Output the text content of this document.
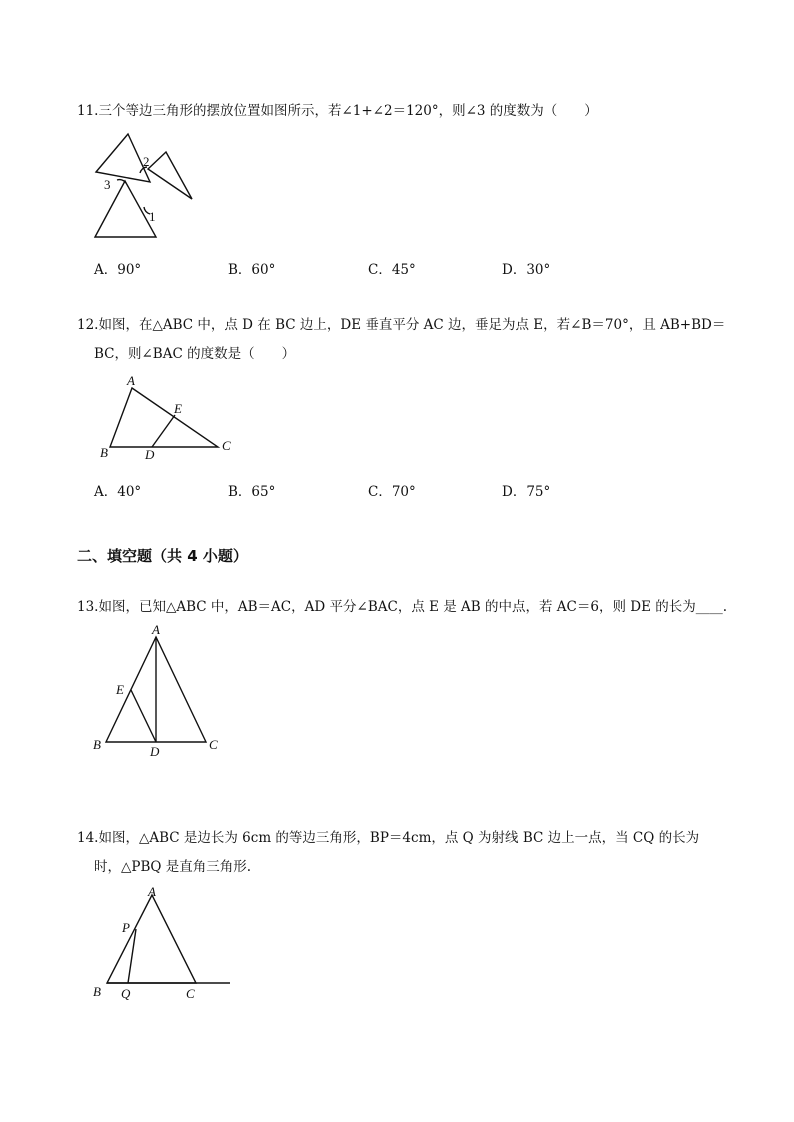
11.三个等边三角形的摆放位置如图所示，若∠1+∠2＝120°，则∠3 的度数为（　　）
2
3
1
A．90°	B．60°	C．45°	D．30°
12.如图，在△ABC 中，点 D 在 BC 边上，DE 垂直平分 AC 边，垂足为点 E，若∠B＝70°，且 AB+BD＝
BC，则∠BAC 的度数是（　　）
A
E
C
B	D
A．40°	B．65°	C．70°	D．75°
二、填空题（共 4 小题）
13.如图，已知△ABC 中，AB＝AC，AD 平分∠BAC，点 E 是 AB 的中点，若 AC＝6，则 DE 的长为____.
A
E
B	D	C
14.如图，△ABC 是边长为 6cm 的等边三角形，BP＝4cm，点 Q 为射线 BC 边上一点，当 CQ 的长为
时，△PBQ 是直角三角形.
A
P
B Q	C
